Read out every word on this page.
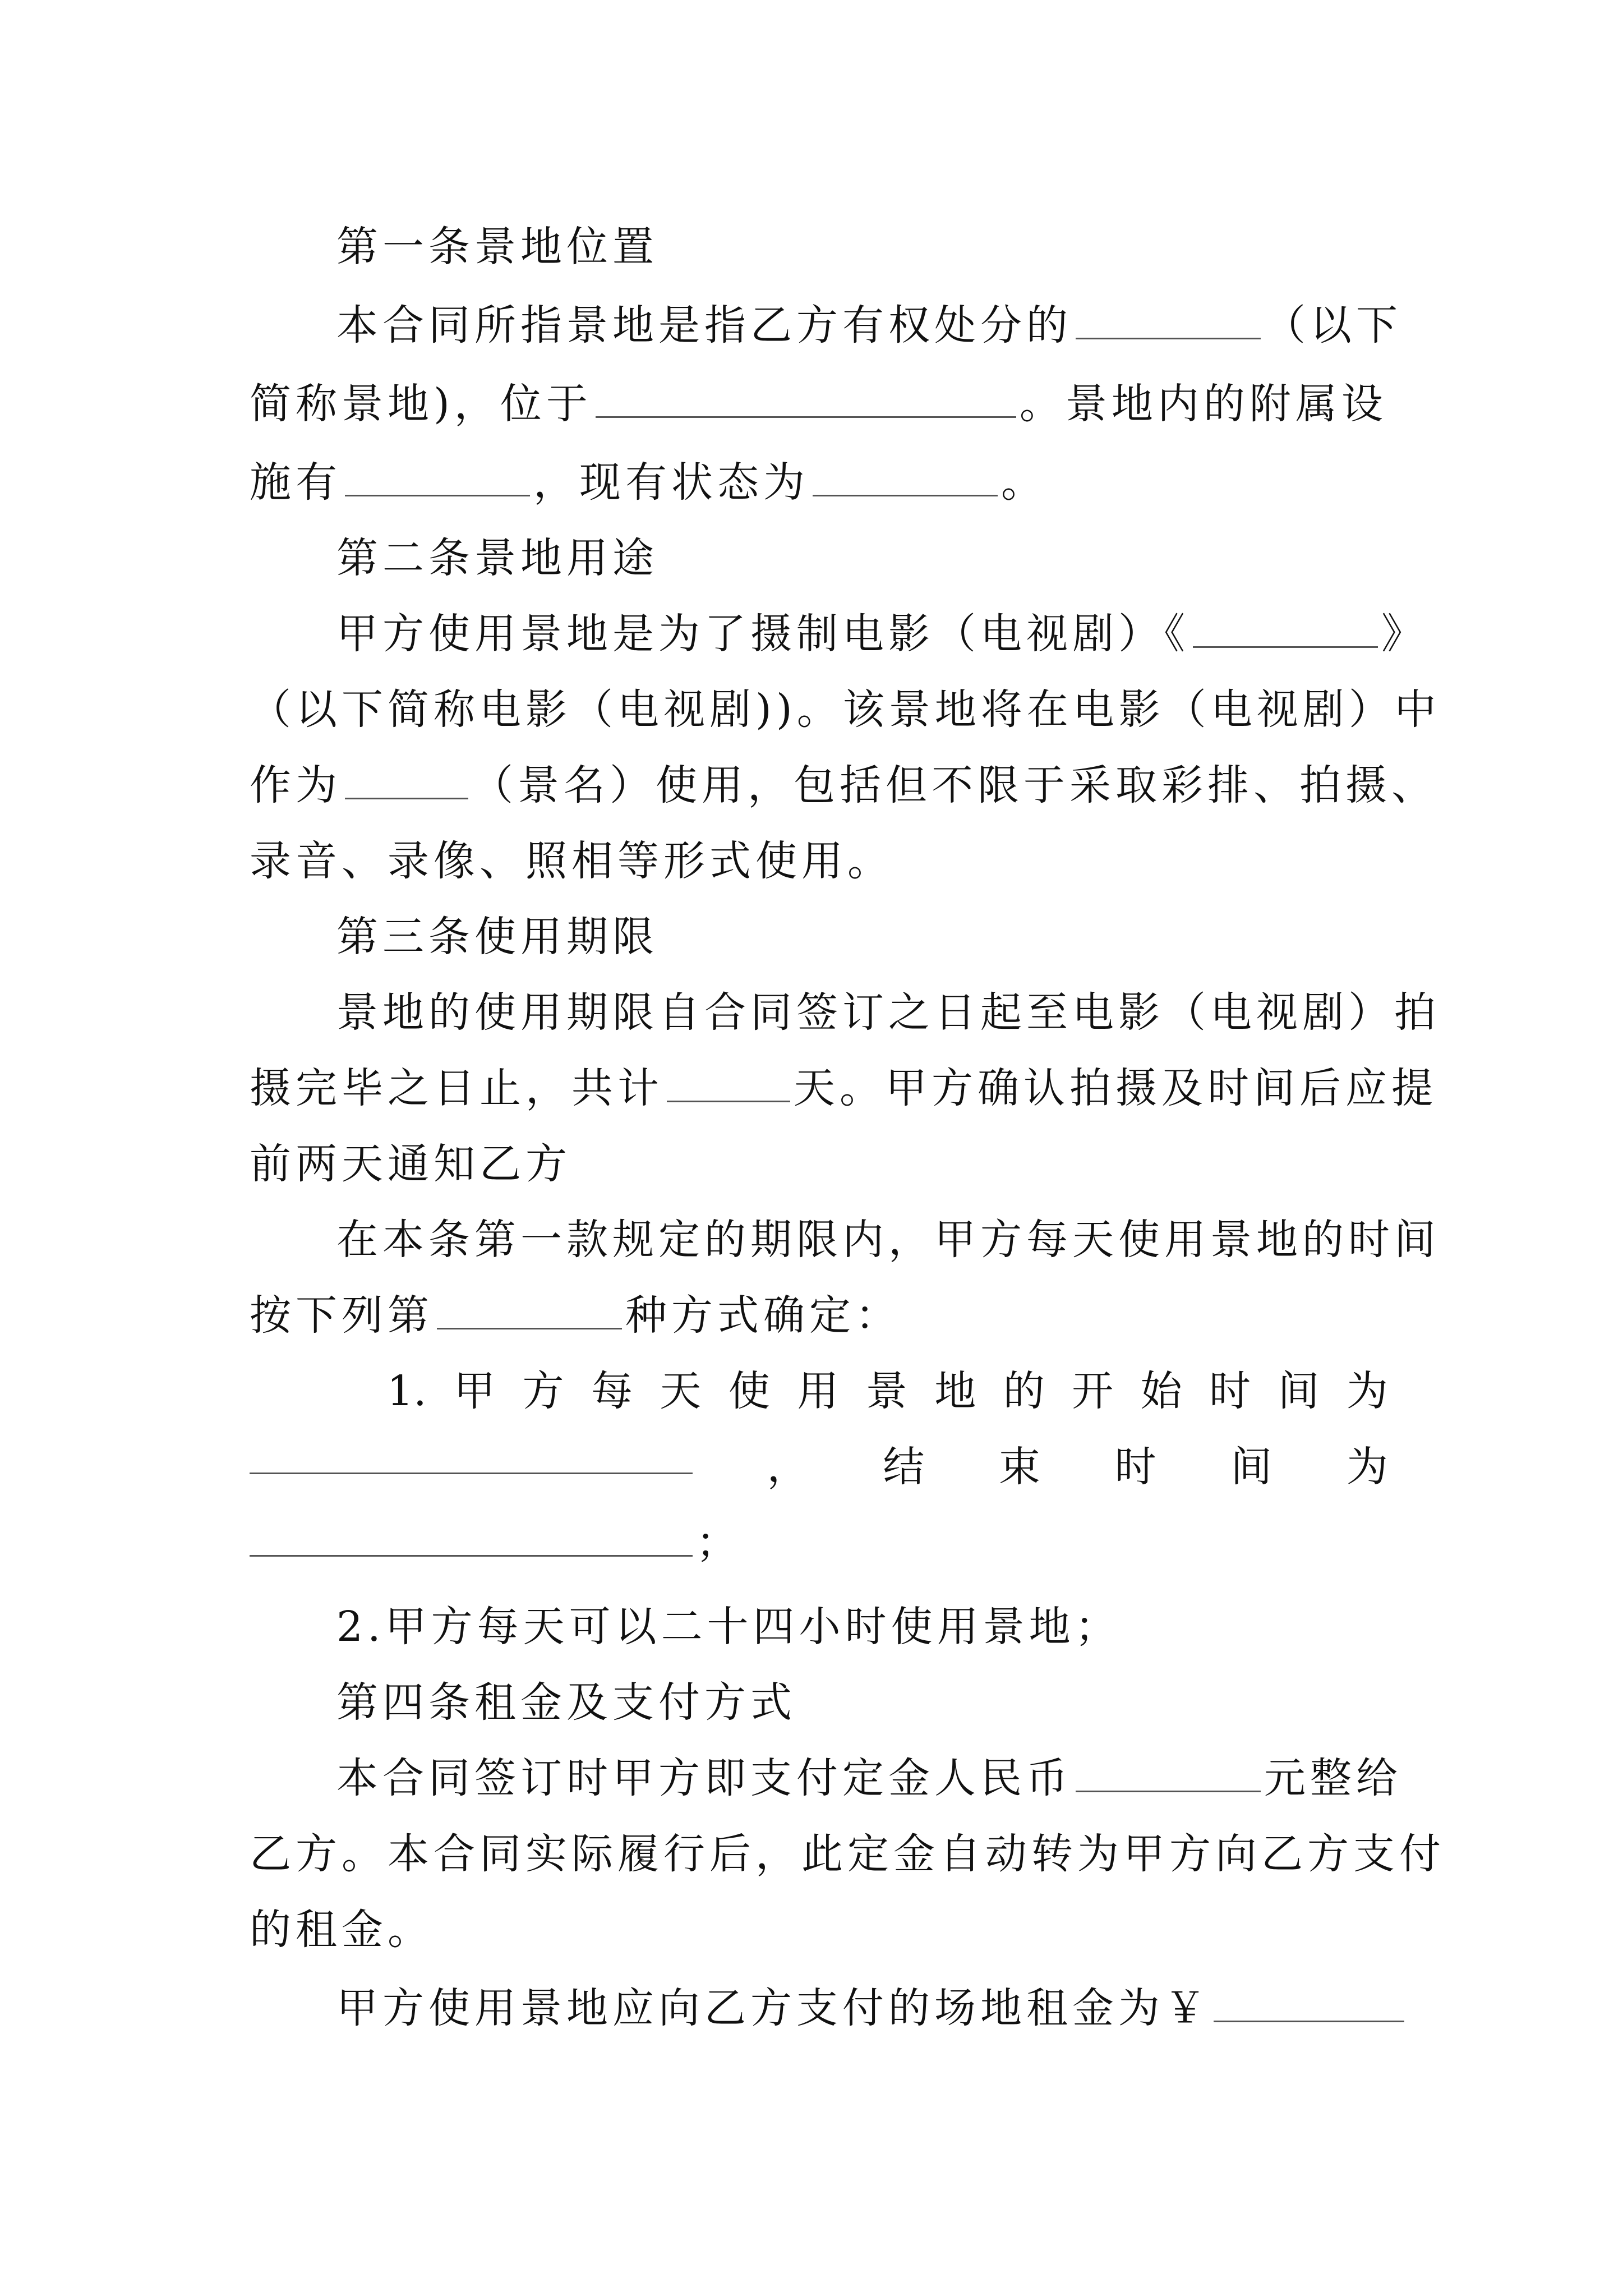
第一条景地位置
本合同所指景地是指乙方有权处分的	（以下
简称景地)，位于	。景地内的附属设
施有	，现有状态为	。
第二条景地用途
甲方使用景地是为了摄制电影（电视剧）《	》
（以下简称电影（电视剧))。该景地将在电影（电视剧）中
作为	（景名）使用，包括但不限于采取彩排、拍摄、
录音、录像、照相等形式使用。
第三条使用期限
景地的使用期限自合同签订之日起至电影（电视剧）拍
摄完毕之日止，共计	天。甲方确认拍摄及时间后应提
前两天通知乙方
在本条第一款规定的期限内，甲方每天使用景地的时间
按下列第	种方式确定：
1. 甲 方 每 天 使 用 景 地 的 开 始 时 间 为
， 结 束 时 间 为
；
2.甲方每天可以二十四小时使用景地；
第四条租金及支付方式
本合同签订时甲方即支付定金人民币	元整给
乙方。本合同实际履行后，此定金自动转为甲方向乙方支付
的租金。
甲方使用景地应向乙方支付的场地租金为￥
